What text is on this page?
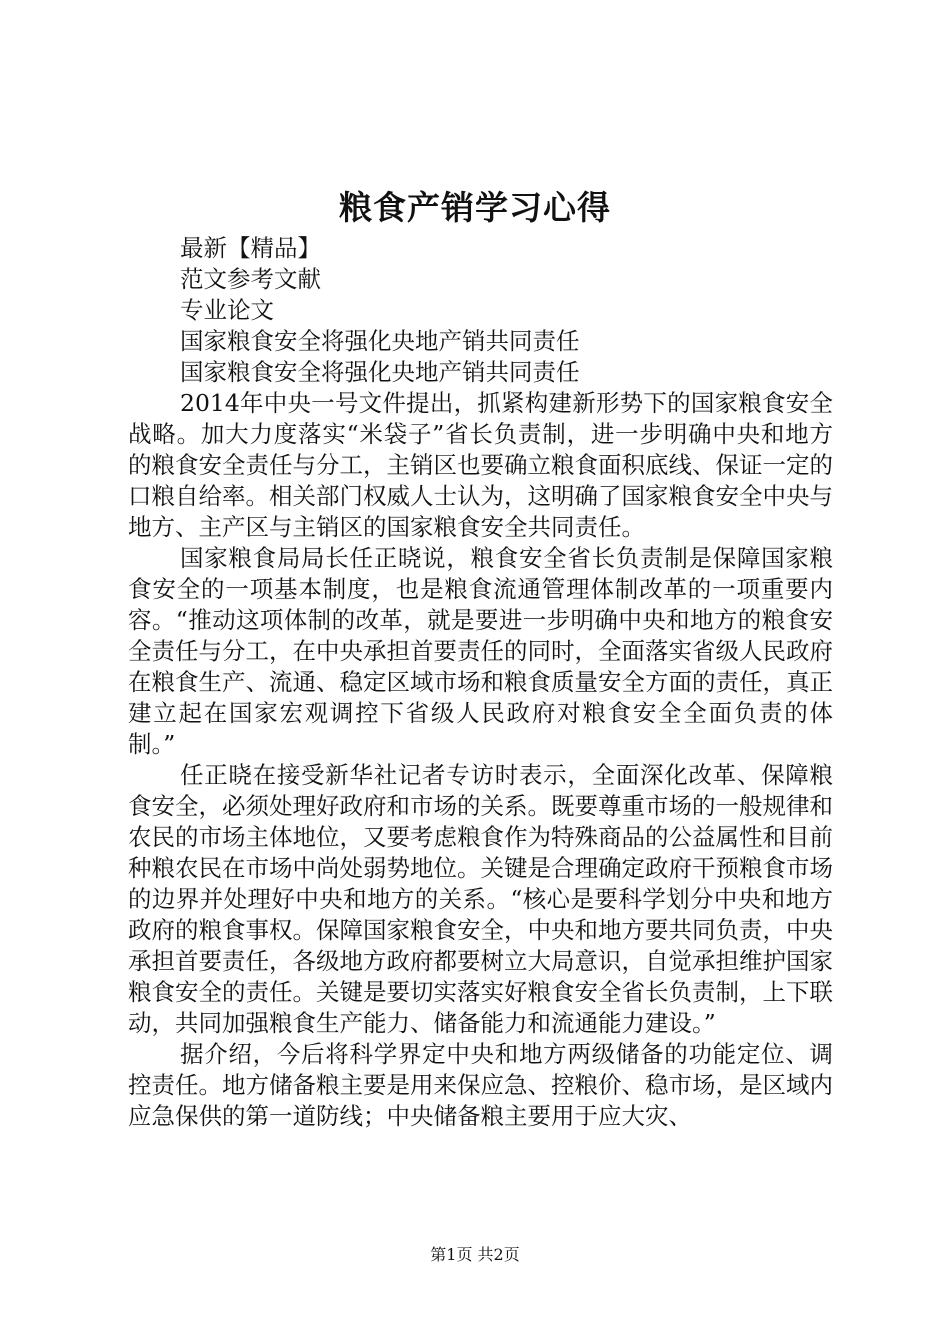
粮食产销学习心得
最新【精品】
范文参考文献
专业论文
国家粮食安全将强化央地产销共同责任
国家粮食安全将强化央地产销共同责任

2014年中央一号文件提出，抓紧构建新形势下的国家粮食安全战略。加大力度落实“米袋子”省长负责制，进一步明确中央和地方的粮食安全责任与分工，主销区也要确立粮食面积底线、保证一定的口粮自给率。相关部门权威人士认为，这明确了国家粮食安全中央与地方、主产区与主销区的国家粮食安全共同责任。

国家粮食局局长任正晓说，粮食安全省长负责制是保障国家粮食安全的一项基本制度，也是粮食流通管理体制改革的一项重要内容。“推动这项体制的改革，就是要进一步明确中央和地方的粮食安全责任与分工，在中央承担首要责任的同时，全面落实省级人民政府在粮食生产、流通、稳定区域市场和粮食质量安全方面的责任，真正建立起在国家宏观调控下省级人民政府对粮食安全全面负责的体制。”

任正晓在接受新华社记者专访时表示，全面深化改革、保障粮食安全，必须处理好政府和市场的关系。既要尊重市场的一般规律和农民的市场主体地位，又要考虑粮食作为特殊商品的公益属性和目前种粮农民在市场中尚处弱势地位。关键是合理确定政府干预粮食市场的边界并处理好中央和地方的关系。“核心是要科学划分中央和地方政府的粮食事权。保障国家粮食安全，中央和地方要共同负责，中央承担首要责任，各级地方政府都要树立大局意识，自觉承担维护国家粮食安全的责任。关键是要切实落实好粮食安全省长负责制，上下联动，共同加强粮食生产能力、储备能力和流通能力建设。”

据介绍，今后将科学界定中央和地方两级储备的功能定位、调控责任。地方储备粮主要是用来保应急、控粮价、稳市场，是区域内应急保供的第一道防线；中央储备粮主要用于应大灾、

第1页 共2页
